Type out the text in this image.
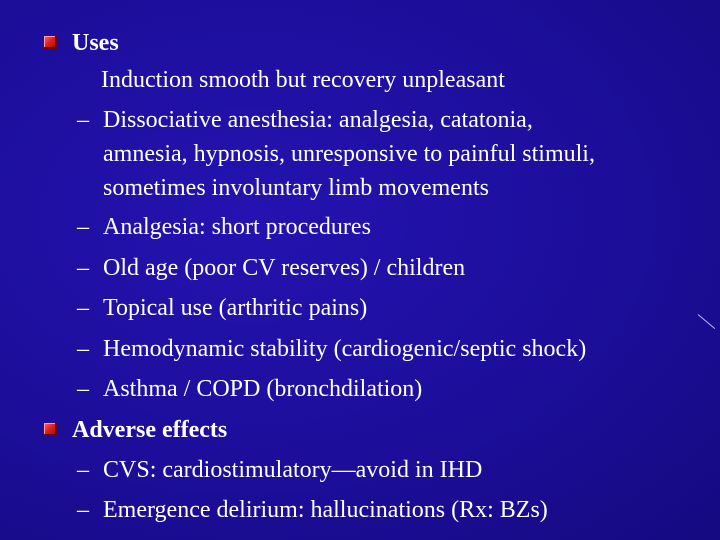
Uses
Induction smooth but recovery unpleasant
– Dissociative anesthesia: analgesia, catatonia,
amnesia, hypnosis, unresponsive to painful stimuli,
sometimes involuntary limb movements
– Analgesia: short procedures
– Old age (poor CV reserves) / children
– Topical use (arthritic pains)
– Hemodynamic stability (cardiogenic/septic shock)
– Asthma / COPD (bronchdilation)
Adverse effects
– CVS: cardiostimulatory—avoid in IHD
– Emergence delirium: hallucinations (Rx: BZs)
